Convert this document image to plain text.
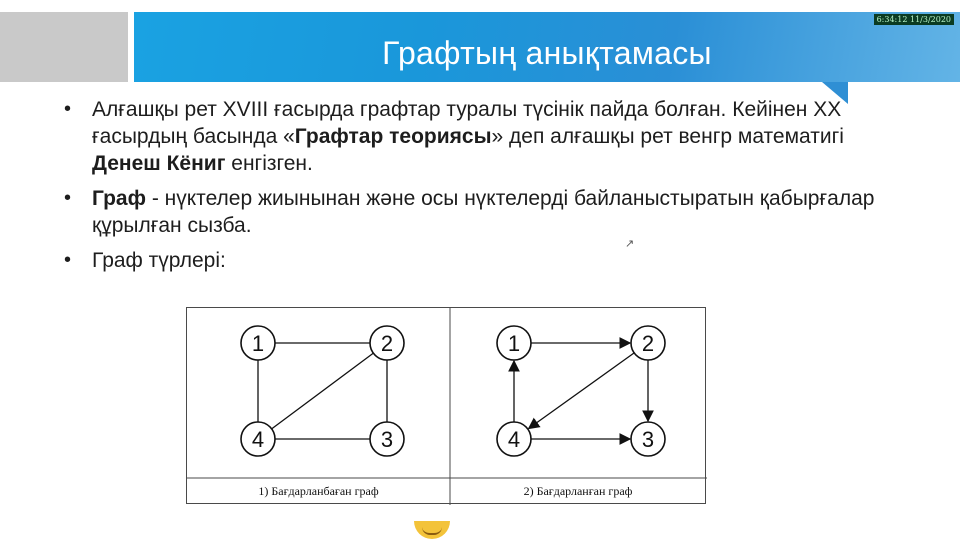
Графтың анықтамасы
6:34:12 11/3/2020
• Алғашқы рет XVIII ғасырда графтар туралы түсінік пайда болған. Кейінен XX ғасырдың басында «Графтар теориясы» деп алғашқы рет венгр математигі Денеш Кёниг енгізген.
• Граф - нүктелер жиынынан және осы нүктелерді байланыстыратын қабырғалар құрылған сызба.
• Граф түрлері:
↗
1	2
3
4
1	2
3
4
1) Бағдарланбаған граф	2) Бағдарланған граф
